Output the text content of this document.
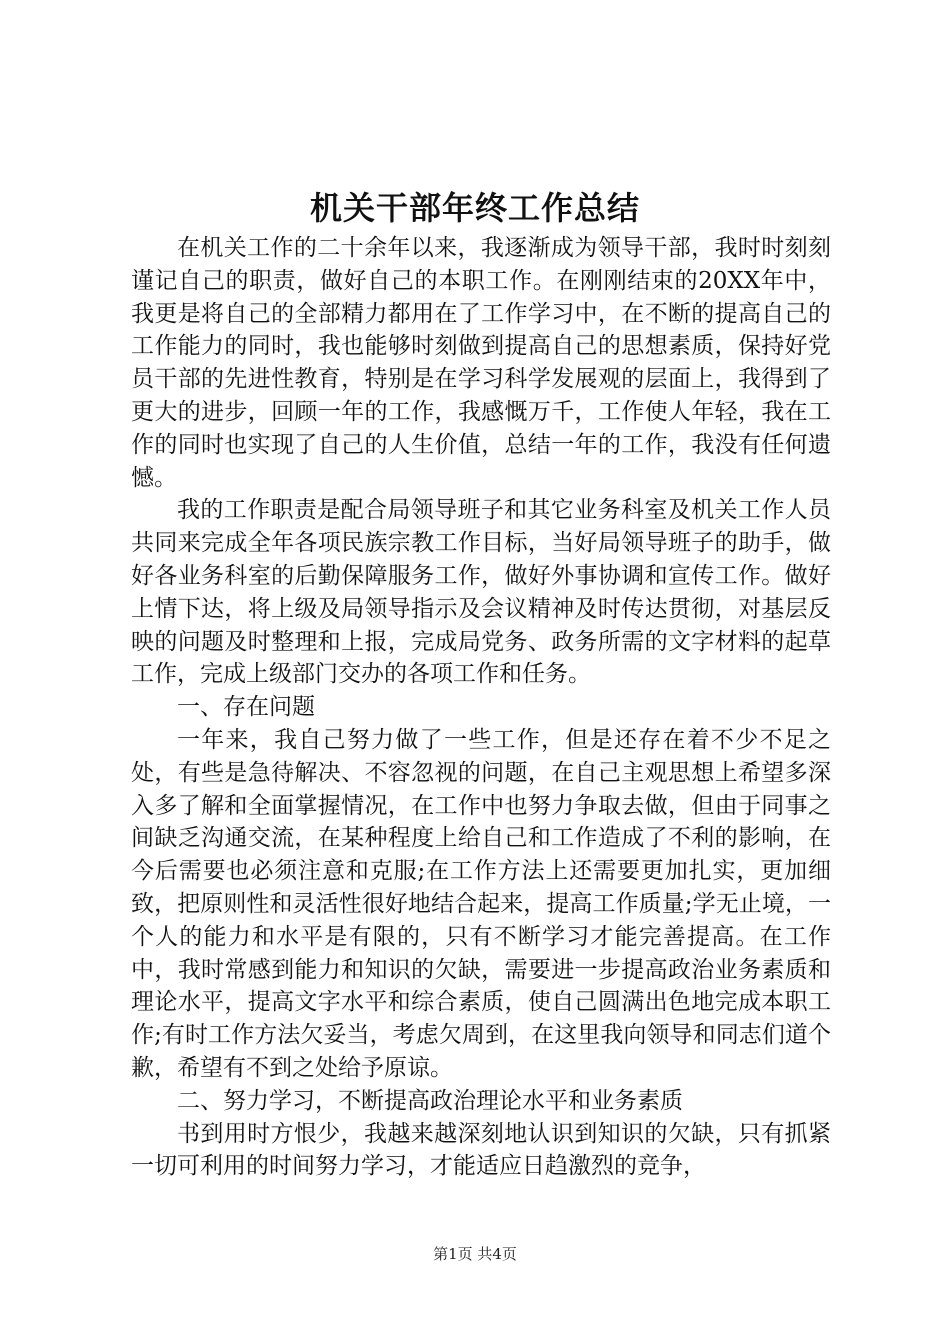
机关干部年终工作总结

在机关工作的二十余年以来，我逐渐成为领导干部，我时时刻刻谨记自己的职责，做好自己的本职工作。在刚刚结束的20XX年中，我更是将自己的全部精力都用在了工作学习中，在不断的提高自己的工作能力的同时，我也能够时刻做到提高自己的思想素质，保持好党员干部的先进性教育，特别是在学习科学发展观的层面上，我得到了更大的进步，回顾一年的工作，我感慨万千，工作使人年轻，我在工作的同时也实现了自己的人生价值，总结一年的工作，我没有任何遗憾。

我的工作职责是配合局领导班子和其它业务科室及机关工作人员共同来完成全年各项民族宗教工作目标，当好局领导班子的助手，做好各业务科室的后勤保障服务工作，做好外事协调和宣传工作。做好上情下达，将上级及局领导指示及会议精神及时传达贯彻，对基层反映的问题及时整理和上报，完成局党务、政务所需的文字材料的起草工作，完成上级部门交办的各项工作和任务。

一、存在问题

一年来，我自己努力做了一些工作，但是还存在着不少不足之处，有些是急待解决、不容忽视的问题，在自己主观思想上希望多深入多了解和全面掌握情况，在工作中也努力争取去做，但由于同事之间缺乏沟通交流，在某种程度上给自己和工作造成了不利的影响，在今后需要也必须注意和克服;在工作方法上还需要更加扎实，更加细致，把原则性和灵活性很好地结合起来，提高工作质量;学无止境，一个人的能力和水平是有限的，只有不断学习才能完善提高。在工作中，我时常感到能力和知识的欠缺，需要进一步提高政治业务素质和理论水平，提高文字水平和综合素质，使自己圆满出色地完成本职工作;有时工作方法欠妥当，考虑欠周到，在这里我向领导和同志们道个歉，希望有不到之处给予原谅。

二、努力学习，不断提高政治理论水平和业务素质

书到用时方恨少，我越来越深刻地认识到知识的欠缺，只有抓紧一切可利用的时间努力学习，才能适应日趋激烈的竞争，

第1页 共4页
